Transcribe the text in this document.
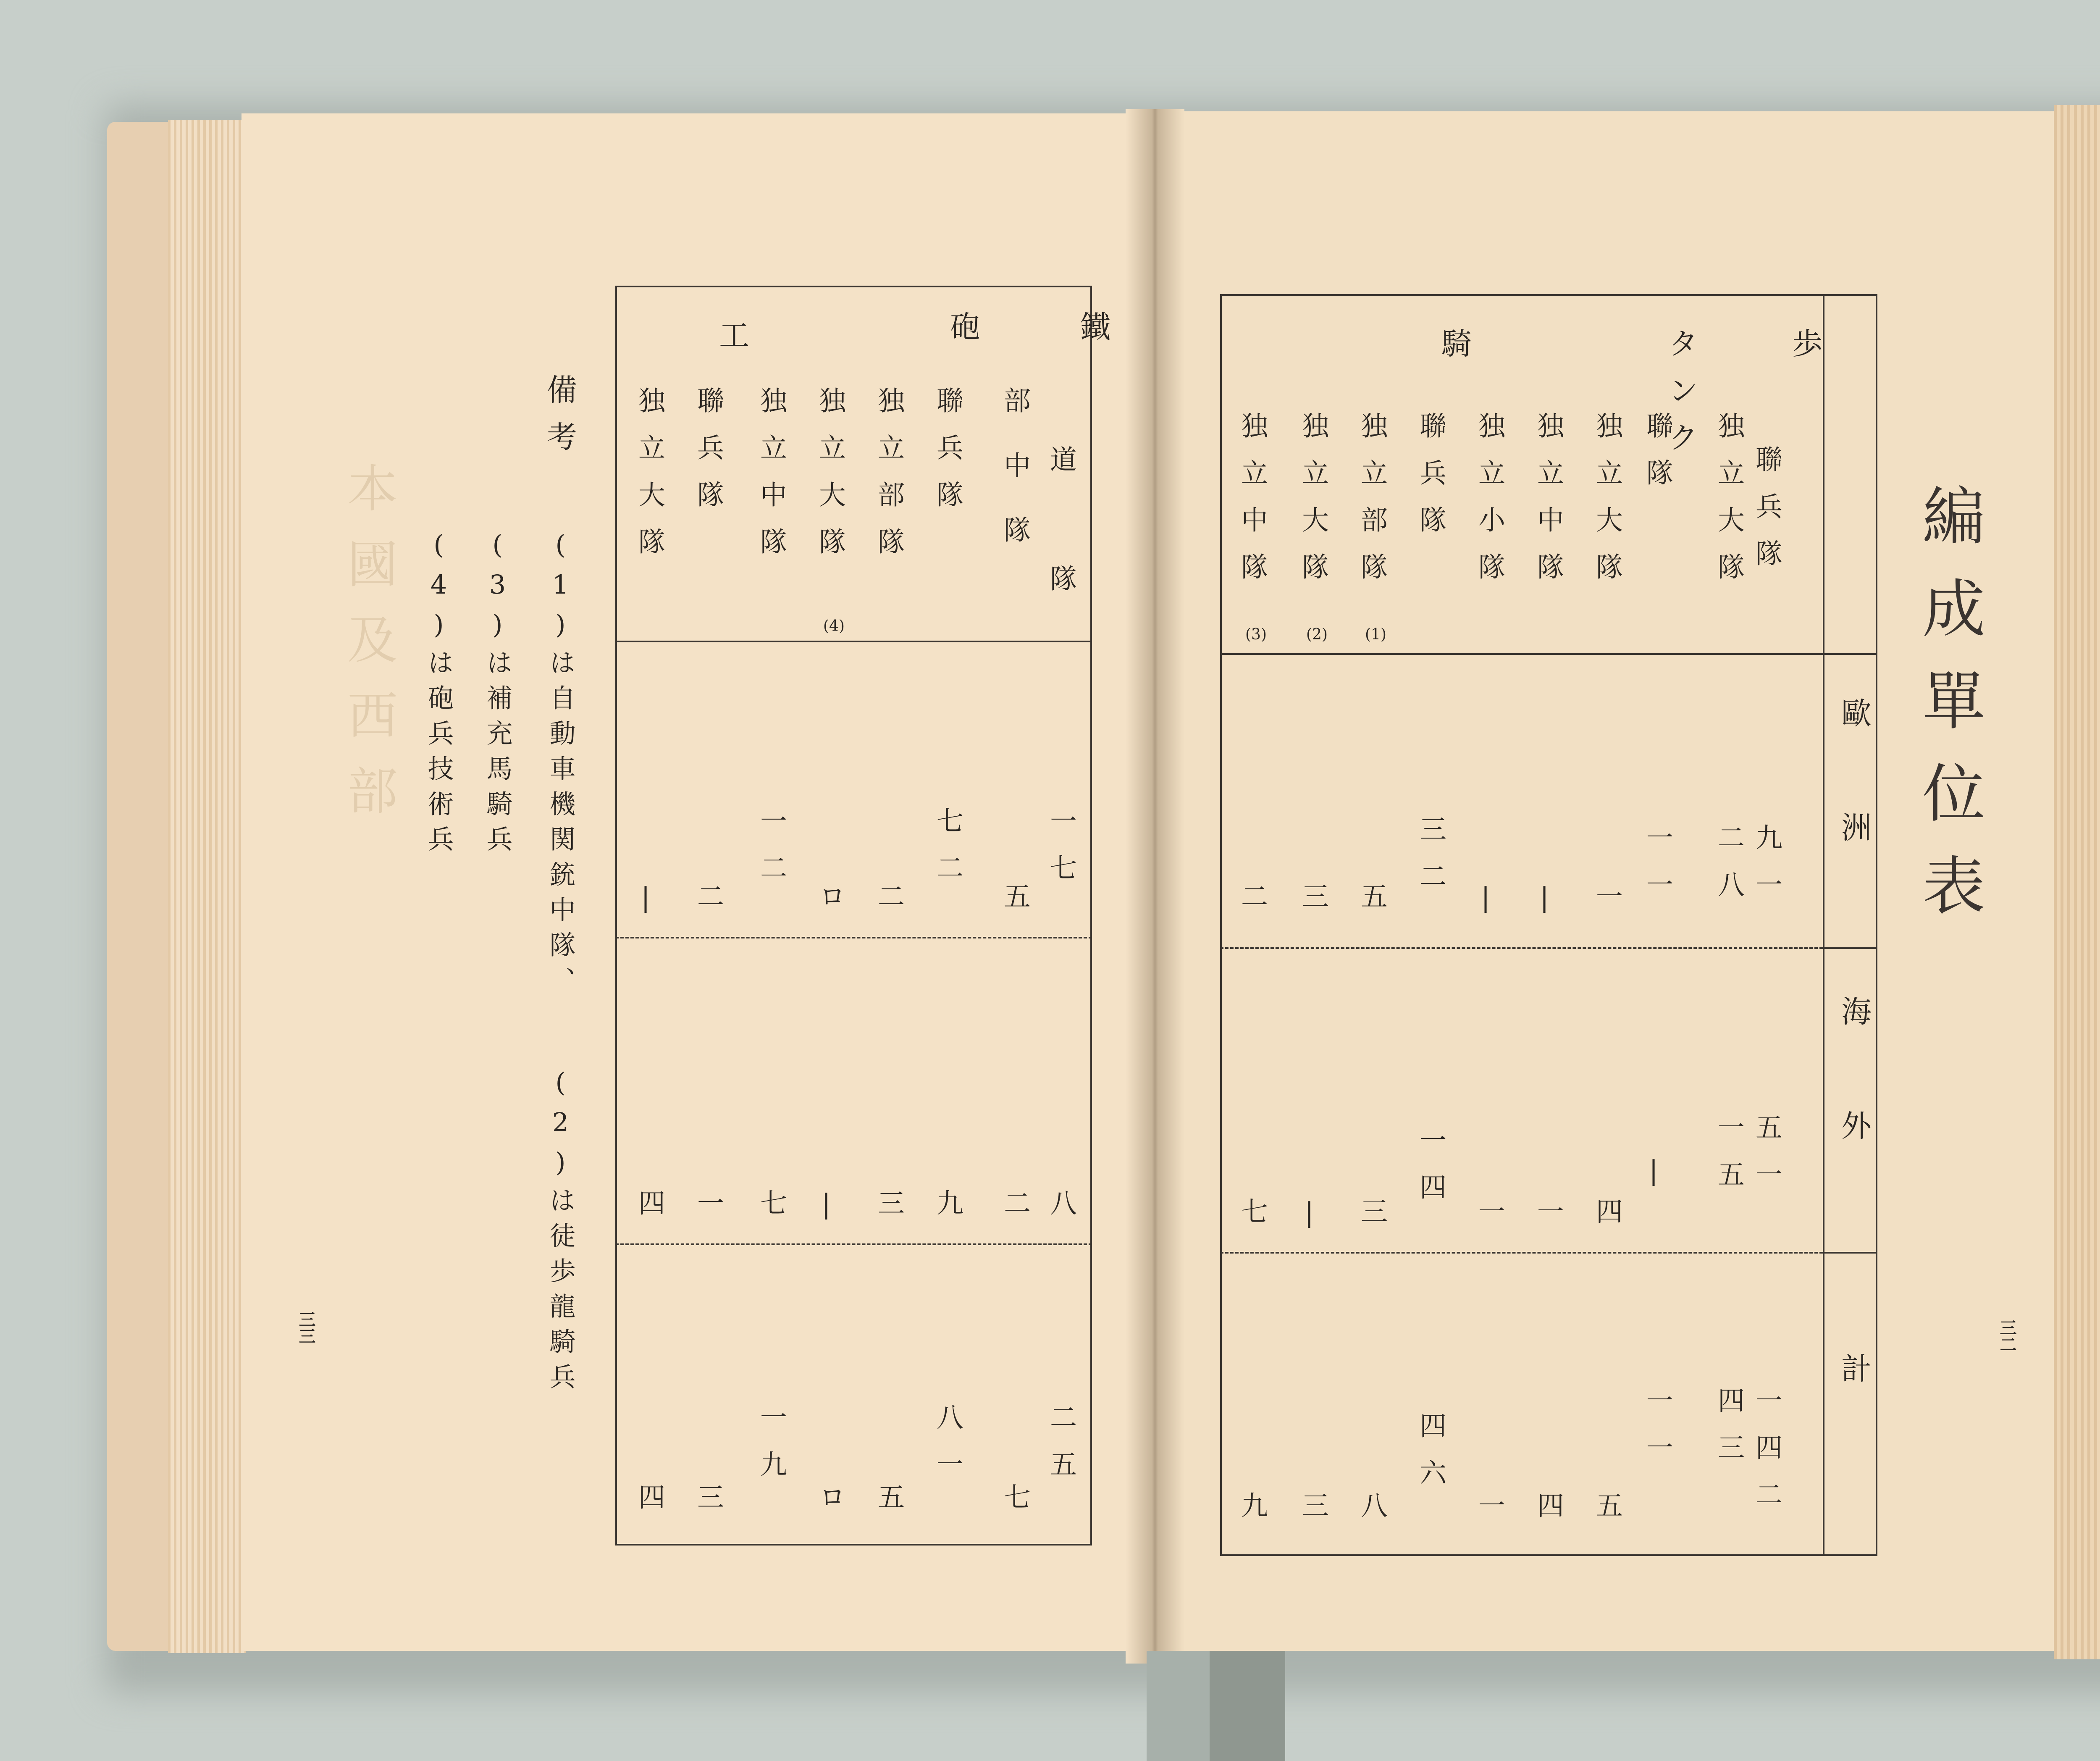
編成單位表
歐洲
海外
計
歩
タンク
騎
聯兵隊
九一
五一
一四二
独立大隊
二八
一五
四三
聯隊
一一
|
一一
独立大隊
一
四
五
独立中隊
|
一
四
独立小隊
|
一
一
聯兵隊
三二
一四
四六
独立部隊
(1)
五
三
八
独立大隊
(2)
三
|
三
独立中隊
(3)
二
七
九
三二
本國及西部
鐵
砲
工
道隊
一七
八
二五
部中隊
五
二
七
聯兵隊
七二
九
八一
独立部隊
二
三
五
独立大隊
(4)
ロ
|
ロ
独立中隊
一二
七
一九
聯兵隊
二
一
三
独立大隊
|
四
四
備考
(1)は自動車機関銃中隊、
(2)は徒歩龍騎兵
(3)は補充馬騎兵
(4)は砲兵技術兵
三三
